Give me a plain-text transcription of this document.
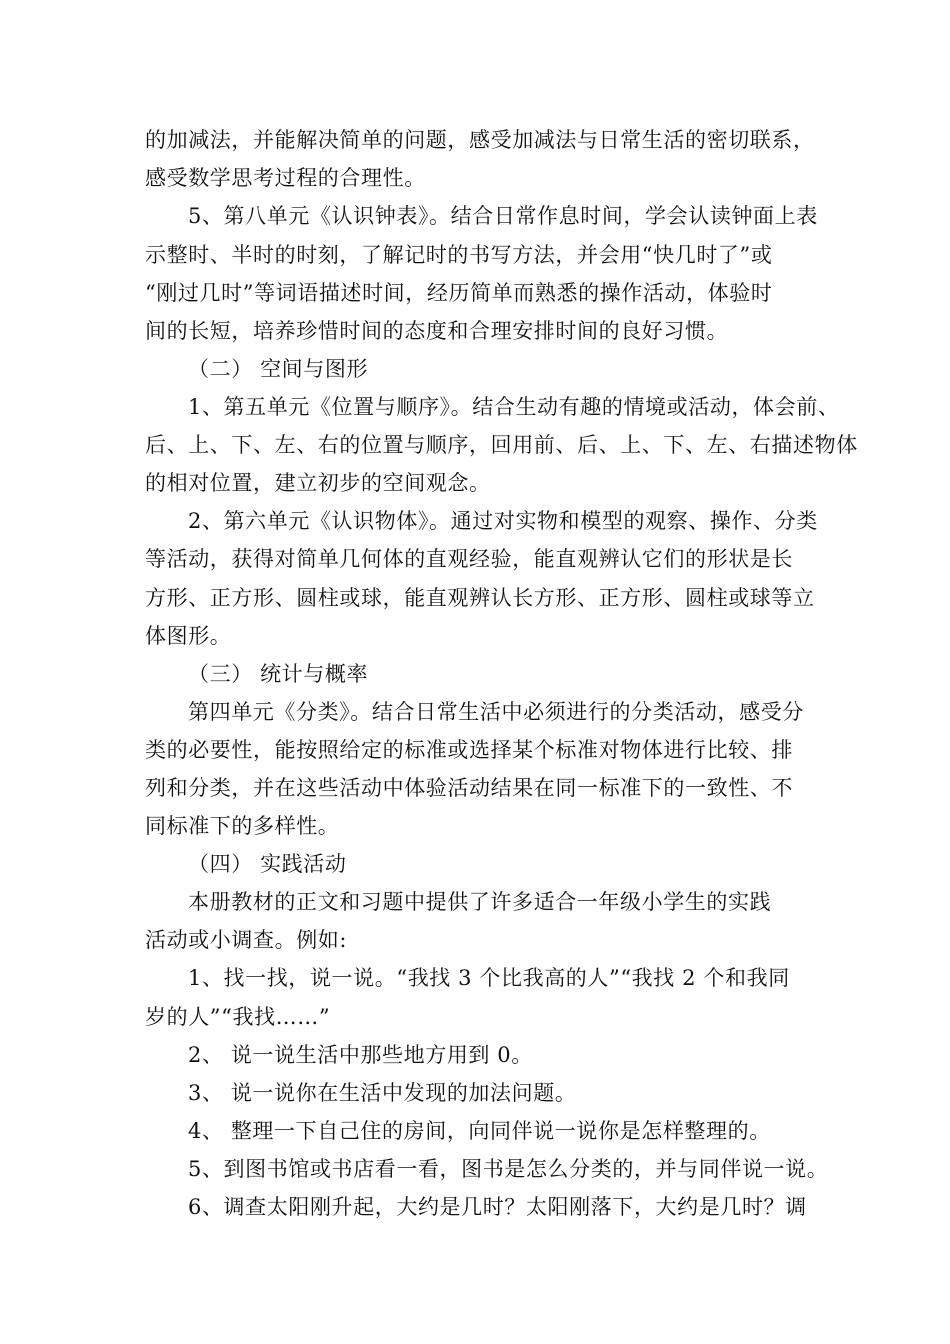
的加减法，并能解决简单的问题，感受加减法与日常生活的密切联系，
感受数学思考过程的合理性。
5、第八单元《认识钟表》。结合日常作息时间，学会认读钟面上表
示整时、半时的时刻，了解记时的书写方法，并会用“快几时了”或
“刚过几时”等词语描述时间，经历简单而熟悉的操作活动，体验时
间的长短，培养珍惜时间的态度和合理安排时间的良好习惯。
（二） 空间与图形
1、第五单元《位置与顺序》。结合生动有趣的情境或活动，体会前、
后、上、下、左、右的位置与顺序，回用前、后、上、下、左、右描述物体
的相对位置，建立初步的空间观念。
2、第六单元《认识物体》。通过对实物和模型的观察、操作、分类
等活动，获得对简单几何体的直观经验，能直观辨认它们的形状是长
方形、正方形、圆柱或球，能直观辨认长方形、正方形、圆柱或球等立
体图形。
（三） 统计与概率
第四单元《分类》。结合日常生活中必须进行的分类活动，感受分
类的必要性，能按照给定的标准或选择某个标准对物体进行比较、排
列和分类，并在这些活动中体验活动结果在同一标准下的一致性、不
同标准下的多样性。
（四） 实践活动
本册教材的正文和习题中提供了许多适合一年级小学生的实践
活动或小调查。例如:
1、找一找，说一说。“我找 3 个比我高的人”“我找 2 个和我同
岁的人”“我找……”
2、 说一说生活中那些地方用到 0。
3、 说一说你在生活中发现的加法问题。
4、 整理一下自己住的房间，向同伴说一说你是怎样整理的。
5、到图书馆或书店看一看，图书是怎么分类的，并与同伴说一说。
6、调查太阳刚升起，大约是几时？太阳刚落下，大约是几时？调
